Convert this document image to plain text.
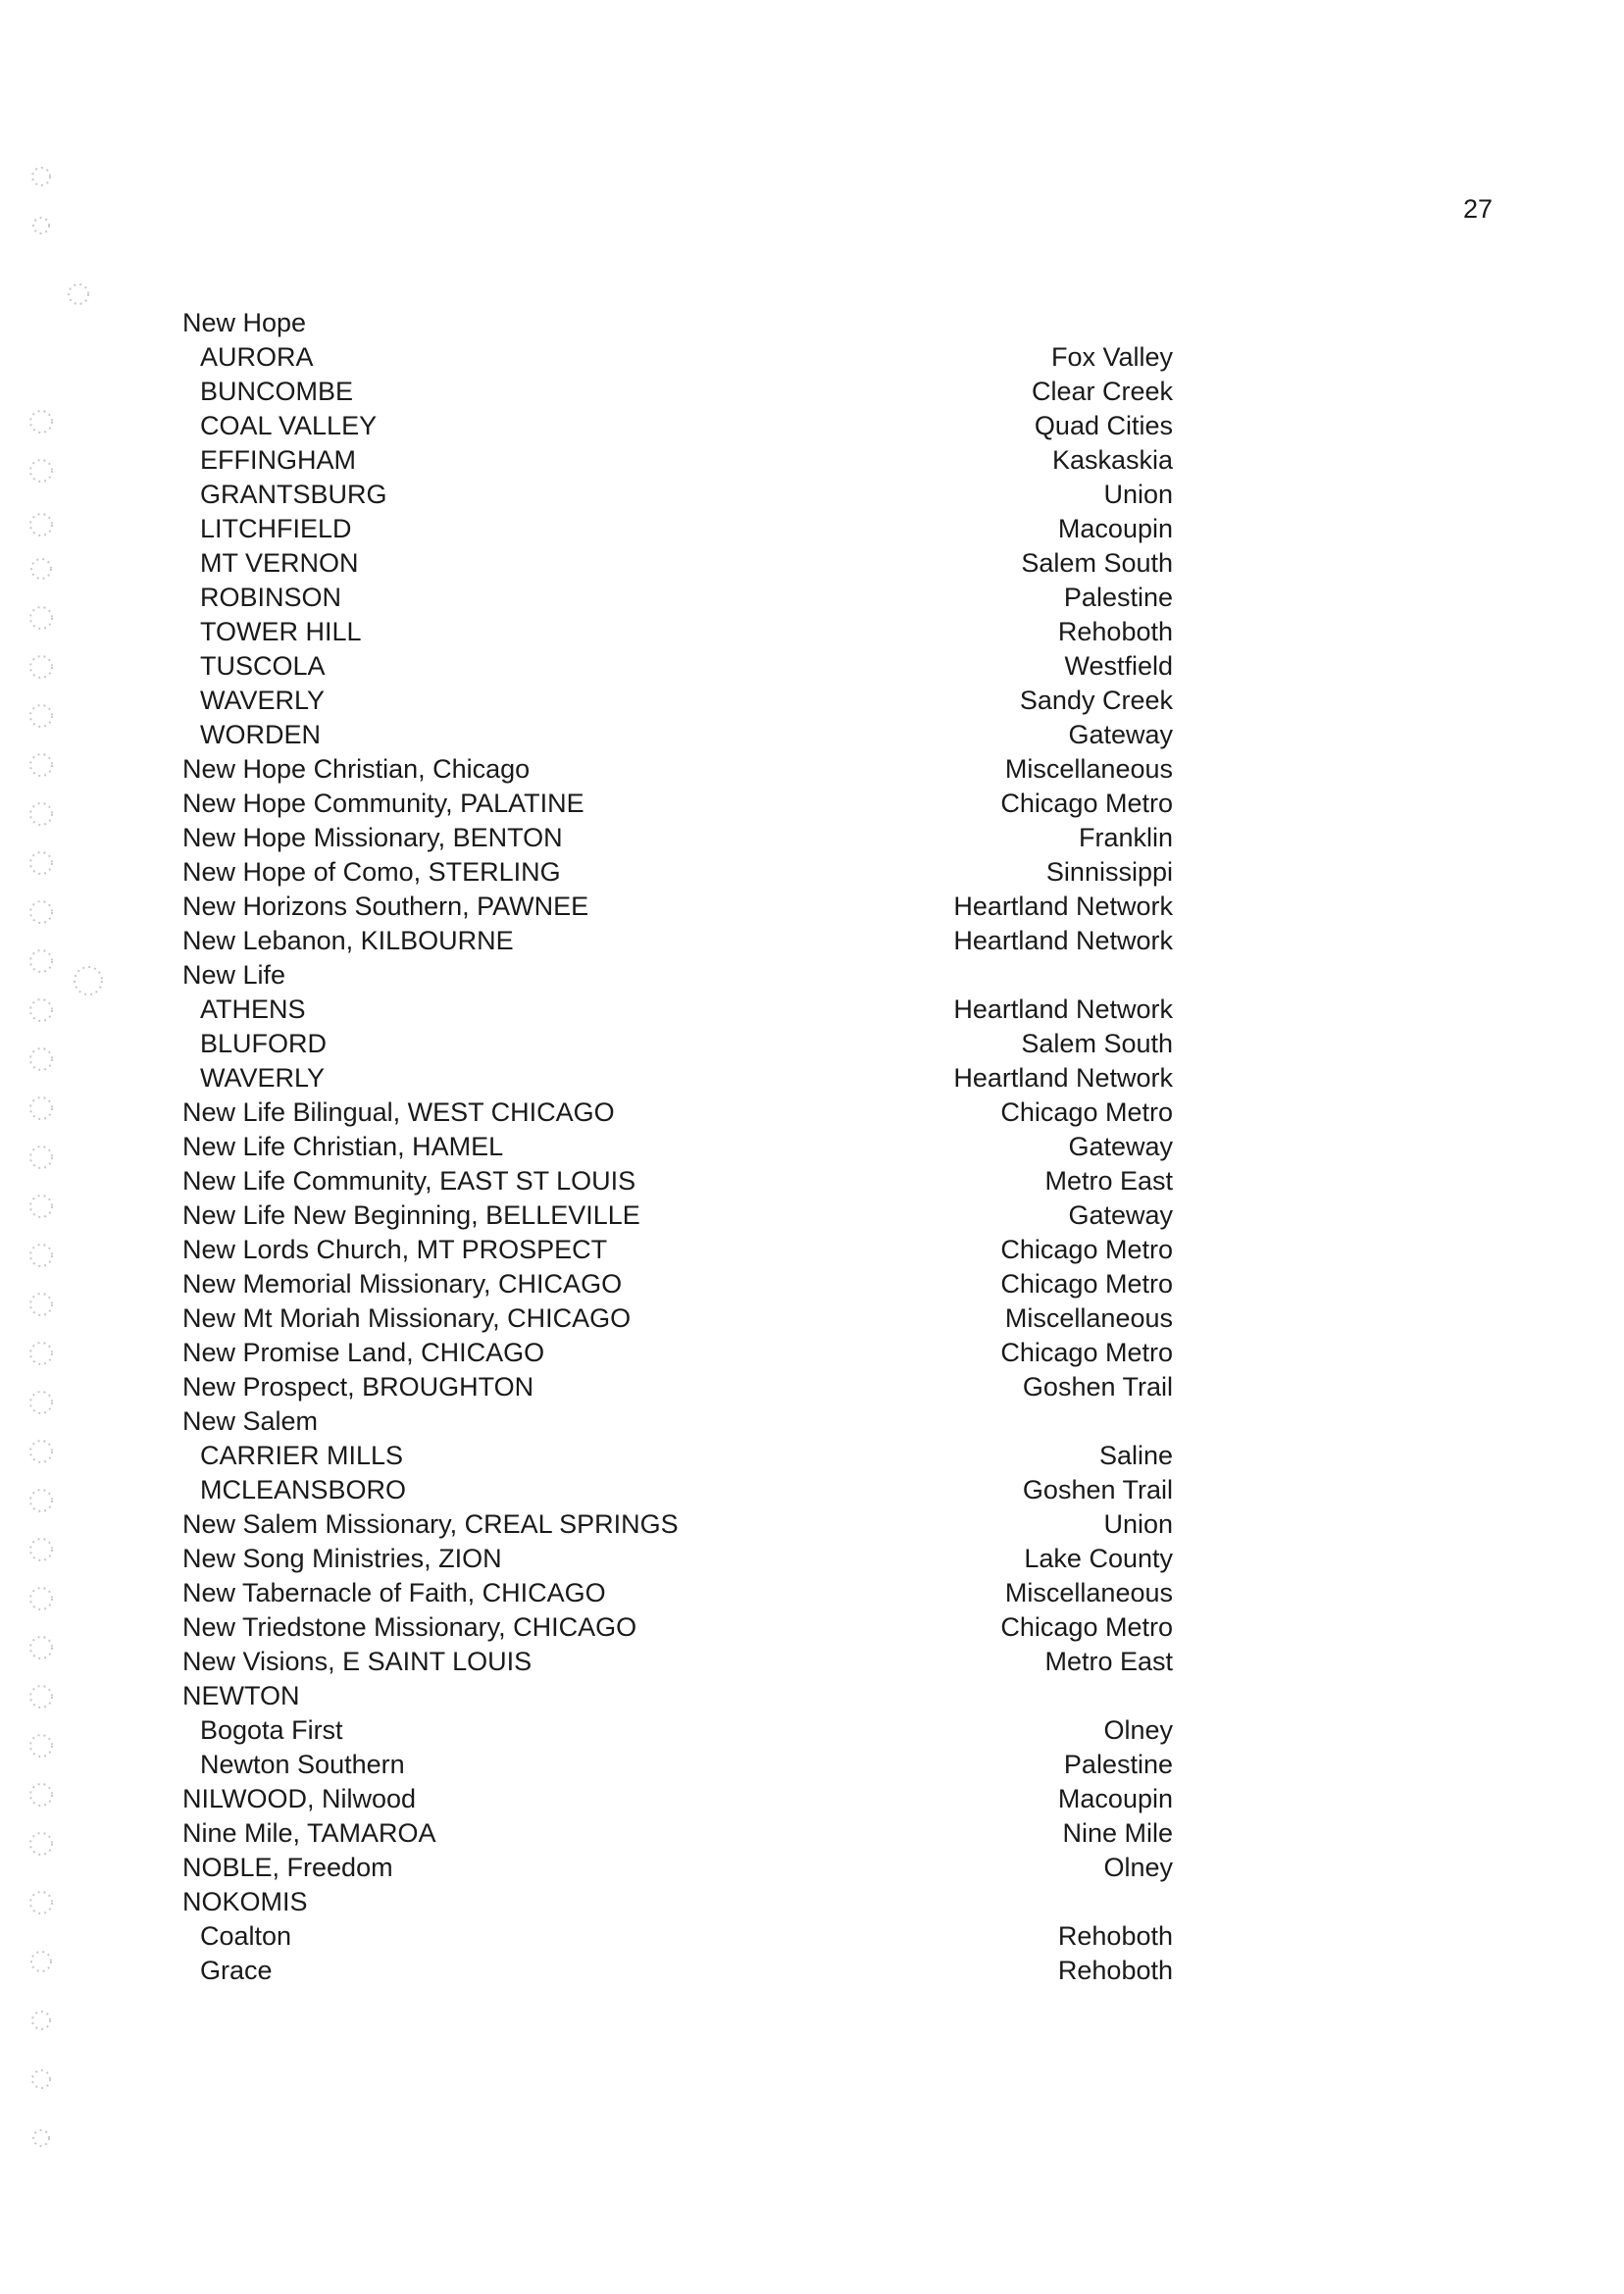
27
New Hope
AURORA	Fox Valley
BUNCOMBE	Clear Creek
COAL VALLEY	Quad Cities
EFFINGHAM	Kaskaskia
GRANTSBURG	Union
LITCHFIELD	Macoupin
MT VERNON	Salem South
ROBINSON	Palestine
TOWER HILL	Rehoboth
TUSCOLA	Westfield
WAVERLY	Sandy Creek
WORDEN	Gateway
New Hope Christian, Chicago	Miscellaneous
New Hope Community, PALATINE	Chicago Metro
New Hope Missionary, BENTON	Franklin
New Hope of Como, STERLING	Sinnissippi
New Horizons Southern, PAWNEE	Heartland Network
New Lebanon, KILBOURNE	Heartland Network
New Life
ATHENS	Heartland Network
BLUFORD	Salem South
WAVERLY	Heartland Network
New Life Bilingual, WEST CHICAGO	Chicago Metro
New Life Christian, HAMEL	Gateway
New Life Community, EAST ST LOUIS	Metro East
New Life New Beginning, BELLEVILLE	Gateway
New Lords Church, MT PROSPECT	Chicago Metro
New Memorial Missionary, CHICAGO	Chicago Metro
New Mt Moriah Missionary, CHICAGO	Miscellaneous
New Promise Land, CHICAGO	Chicago Metro
New Prospect, BROUGHTON	Goshen Trail
New Salem
CARRIER MILLS	Saline
MCLEANSBORO	Goshen Trail
New Salem Missionary, CREAL SPRINGS	Union
New Song Ministries, ZION	Lake County
New Tabernacle of Faith, CHICAGO	Miscellaneous
New Triedstone Missionary, CHICAGO	Chicago Metro
New Visions, E SAINT LOUIS	Metro East
NEWTON
Bogota First	Olney
Newton Southern	Palestine
NILWOOD, Nilwood	Macoupin
Nine Mile, TAMAROA	Nine Mile
NOBLE, Freedom	Olney
NOKOMIS
Coalton	Rehoboth
Grace	Rehoboth
